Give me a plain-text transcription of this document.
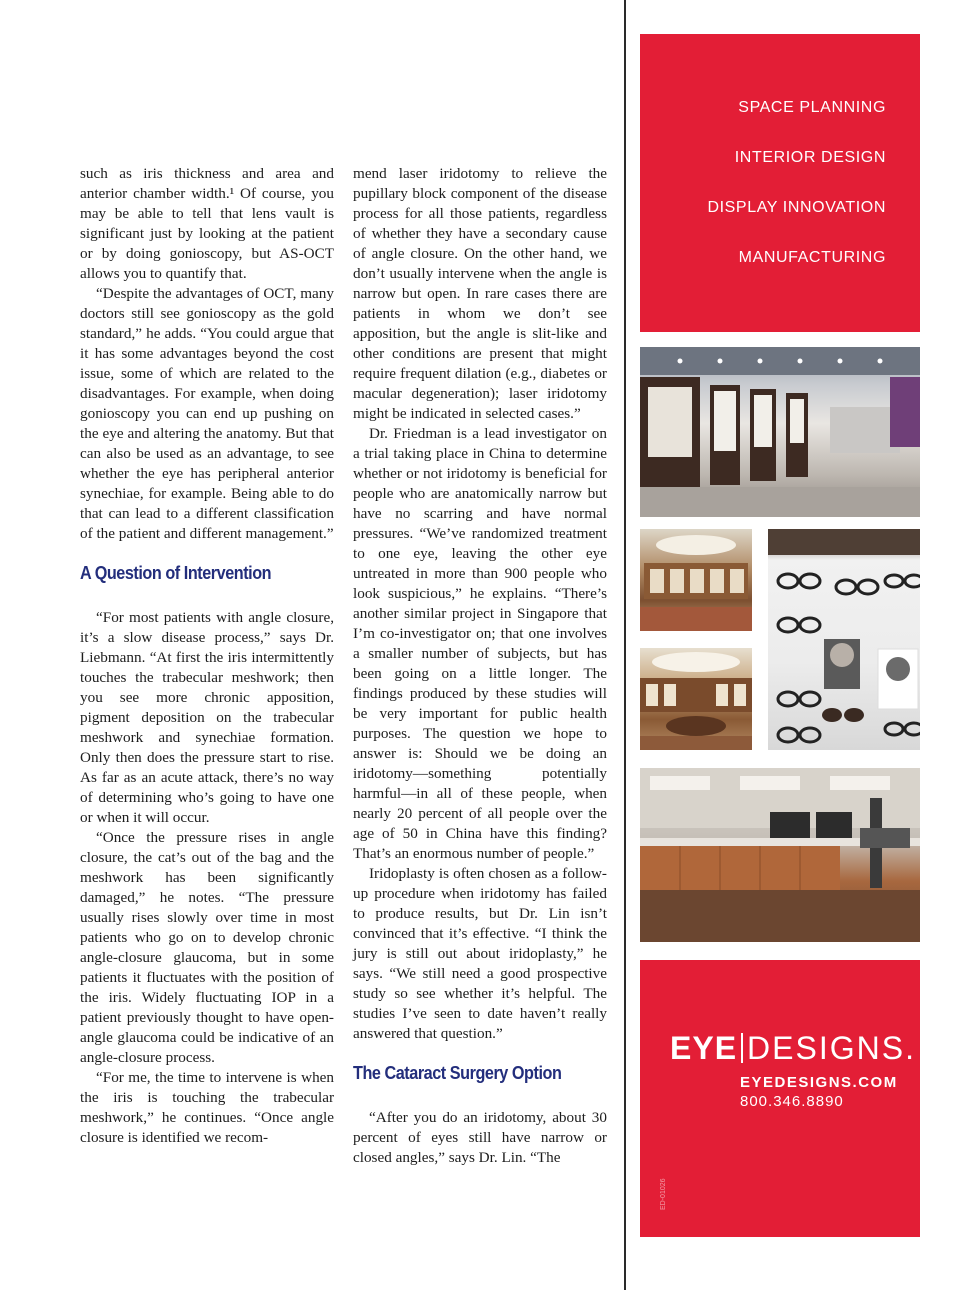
such as iris thickness and area and anterior chamber width.¹ Of course, you may be able to tell that lens vault is significant just by looking at the patient or by doing gonioscopy, but AS-OCT allows you to quantify that.

“Despite the advantages of OCT, many doctors still see gonioscopy as the gold standard,” he adds. “You could argue that it has some advantages beyond the cost issue, some of which are related to the disadvantages. For example, when doing gonioscopy you can end up pushing on the eye and altering the anatomy. But that can also be used as an advantage, to see whether the eye has peripheral anterior synechiae, for example. Being able to do that can lead to a different classification of the patient and different management.”

A Question of Intervention

“For most patients with angle closure, it’s a slow disease process,” says Dr. Liebmann. “At first the iris intermittently touches the trabecular meshwork; then you see more chronic apposition, pigment deposition on the trabecular meshwork and synechiae formation. Only then does the pressure start to rise. As far as an acute attack, there’s no way of determining who’s going to have one or when it will occur.

“Once the pressure rises in angle closure, the cat’s out of the bag and the meshwork has been significantly damaged,” he notes. “The pressure usually rises slowly over time in most patients who go on to develop chronic angle-closure glaucoma, but in some patients it fluctuates with the position of the iris. Widely fluctuating IOP in a patient previously thought to have open-angle glaucoma could be indicative of an angle-closure process.

“For me, the time to intervene is when the iris is touching the trabecular meshwork,” he continues. “Once angle closure is identified we recom-

mend laser iridotomy to relieve the pupillary block component of the disease process for all those patients, regardless of whether they have a secondary cause of angle closure. On the other hand, we don’t usually intervene when the angle is narrow but open. In rare cases there are patients in whom we don’t see apposition, but the angle is slit-like and other conditions are present that might require frequent dilation (e.g., diabetes or macular degeneration); laser iridotomy might be indicated in selected cases.”

Dr. Friedman is a lead investigator on a trial taking place in China to determine whether or not iridotomy is beneficial for people who are anatomically narrow but have no scarring and have normal pressures. “We’ve randomized treatment to one eye, leaving the other eye untreated in more than 900 people who look suspicious,” he explains. “There’s another similar project in Singapore that I’m co-investigator on; that one involves a smaller number of subjects, but has been going on a little longer. The findings produced by these studies will be very important for public health purposes. The question we hope to answer is: Should we be doing an iridotomy—something potentially harmful—in all of these people, when nearly 20 percent of all people over the age of 50 in China have this finding? That’s an enormous number of people.”

Iridoplasty is often chosen as a follow-up procedure when iridotomy has failed to produce results, but Dr. Lin isn’t convinced that it’s effective. “I think the jury is still out about iridoplasty,” he says. “We still need a good prospective study so see whether it’s helpful. The studies I’ve seen to date haven’t really answered that question.”

The Cataract Surgery Option

“After you do an iridotomy, about 30 percent of eyes still have narrow or closed angles,” says Dr. Lin. “The

SPACE PLANNING
INTERIOR DESIGN
DISPLAY INNOVATION
MANUFACTURING
EYE DESIGNS.
EYEDESIGNS.COM
800.346.8890
ED-01026
